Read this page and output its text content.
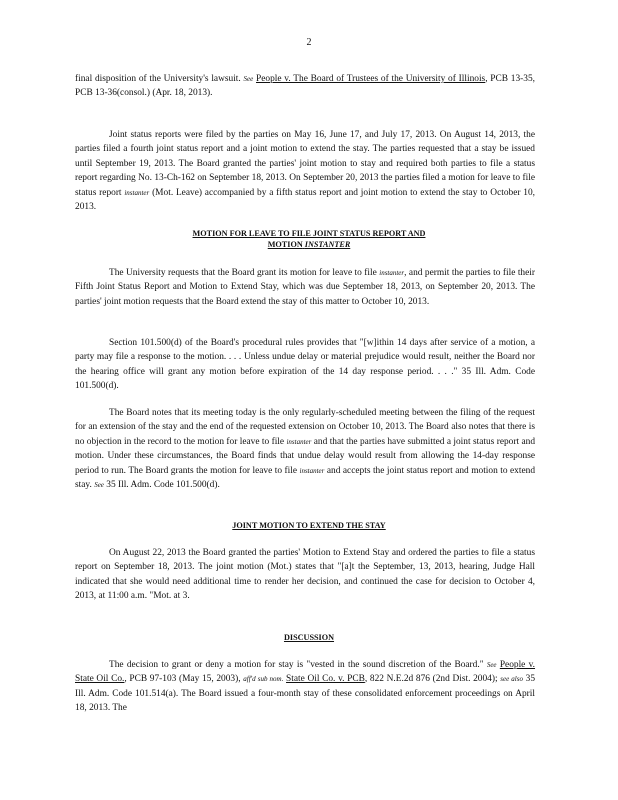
2

final disposition of the University's lawsuit. See People v. The Board of Trustees of the University of Illinois, PCB 13-35, PCB 13-36(consol.) (Apr. 18, 2013).

Joint status reports were filed by the parties on May 16, June 17, and July 17, 2013. On August 14, 2013, the parties filed a fourth joint status report and a joint motion to extend the stay. The parties requested that a stay be issued until September 19, 2013. The Board granted the parties' joint motion to stay and required both parties to file a status report regarding No. 13-Ch-162 on September 18, 2013. On September 20, 2013 the parties filed a motion for leave to file status report instanter (Mot. Leave) accompanied by a fifth status report and joint motion to extend the stay to October 10, 2013.

MOTION FOR LEAVE TO FILE JOINT STATUS REPORT AND
MOTION INSTANTER

The University requests that the Board grant its motion for leave to file instanter, and permit the parties to file their Fifth Joint Status Report and Motion to Extend Stay, which was due September 18, 2013, on September 20, 2013. The parties' joint motion requests that the Board extend the stay of this matter to October 10, 2013.

Section 101.500(d) of the Board's procedural rules provides that "[w]ithin 14 days after service of a motion, a party may file a response to the motion. . . . Unless undue delay or material prejudice would result, neither the Board nor the hearing office will grant any motion before expiration of the 14 day response period. . . ." 35 Ill. Adm. Code 101.500(d).

The Board notes that its meeting today is the only regularly-scheduled meeting between the filing of the request for an extension of the stay and the end of the requested extension on October 10, 2013. The Board also notes that there is no objection in the record to the motion for leave to file instanter and that the parties have submitted a joint status report and motion. Under these circumstances, the Board finds that undue delay would result from allowing the 14-day response period to run. The Board grants the motion for leave to file instanter and accepts the joint status report and motion to extend stay. See 35 Ill. Adm. Code 101.500(d).

JOINT MOTION TO EXTEND THE STAY

On August 22, 2013 the Board granted the parties' Motion to Extend Stay and ordered the parties to file a status report on September 18, 2013. The joint motion (Mot.) states that "[a]t the September, 13, 2013, hearing, Judge Hall indicated that she would need additional time to render her decision, and continued the case for decision to October 4, 2013, at 11:00 a.m. "Mot. at 3.

DISCUSSION

The decision to grant or deny a motion for stay is "vested in the sound discretion of the Board." See People v. State Oil Co., PCB 97-103 (May 15, 2003), aff'd sub nom. State Oil Co. v. PCB, 822 N.E.2d 876 (2nd Dist. 2004); see also 35 Ill. Adm. Code 101.514(a). The Board issued a four-month stay of these consolidated enforcement proceedings on April 18, 2013. The
